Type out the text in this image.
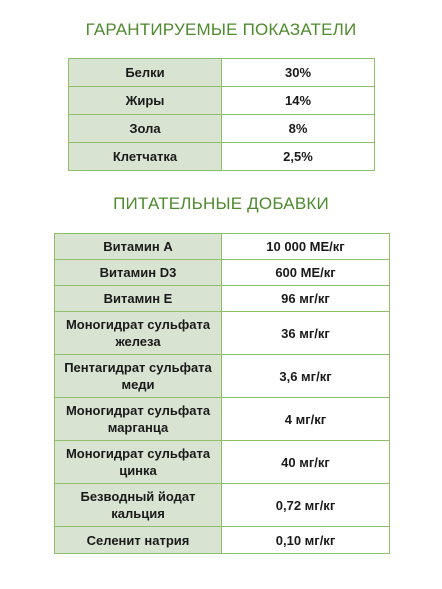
ГАРАНТИРУЕМЫЕ ПОКАЗАТЕЛИ
Белки	30%
Жиры	14%
Зола	8%
Клетчатка	2,5%
ПИТАТЕЛЬНЫЕ ДОБАВКИ
Витамин A	10 000 МЕ/кг
Витамин D3	600 МЕ/кг
Витамин E	96 мг/кг
Моногидрат сульфата железа	36 мг/кг
Пентагидрат сульфата меди	3,6 мг/кг
Моногидрат сульфата марганца	4 мг/кг
Моногидрат сульфата цинка	40 мг/кг
Безводный йодат кальция	0,72 мг/кг
Селенит натрия	0,10 мг/кг
